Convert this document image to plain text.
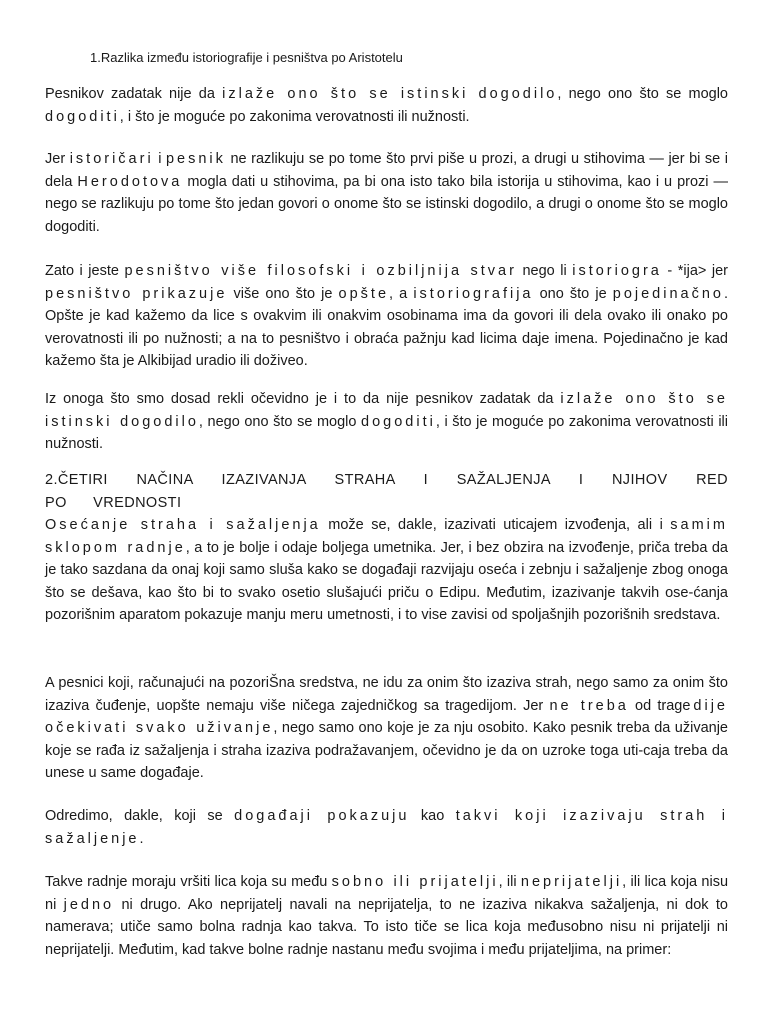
1.Razlika između istoriografije i pesništva po Aristotelu

Pesnikov zadatak nije da izlaže ono što se istinski dogodilo, nego ono što se moglo dogoditi, i što je moguće po zakonima verovatnosti ili nužnosti.

Jer istoričari i pesnik ne razlikuju se po tome što prvi piše u prozi, a drugi u stihovima — jer bi se i dela Herodotova mogla dati u stihovima, pa bi ona isto tako bila istorija u stihovima, kao i u prozi — nego se razlikuju po tome što jedan govori o onome što se istinski dogodilo, a drugi o onome što se moglo dogoditi.

Zato i jeste pesništvo više filosofski i ozbiljnija stvar nego li istoriogra - *ija> jer pesništvo prikazuje više ono što je opšte, a istoriografija ono što je pojedinačno. Opšte je kad kažemo da lice s ovakvim ili onakvim osobinama ima da govori ili dela ovako ili onako po verovatnosti ili po nužnosti; a na to pesništvo i obraća pažnju kad licima daje imena. Pojedinačno je kad kažemo šta je Alkibijad uradio ili doživeo.

Iz onoga što smo dosad rekli očevidno je i to da nije pesnikov zadatak da izlaže ono što se istinski dogodilo, nego ono što se moglo dogoditi, i što je moguće po zakonima verovatnosti ili nužnosti.

2.ČETIRI NAČINA IZAZIVANJA STRAHA I SAŽALJENJA I NJIHOV RED PO VREDNOSTI

Osećanje straha i sažaljenja može se, dakle, izazivati uticajem izvođenja, ali i samim sklopom radnje, a to je bolje i odaje boljega umetnika. Jer, i bez obzira na izvođenje, priča treba da je tako sazdana da onaj koji samo sluša kako se događaji razvijaju oseća i zebnju i sažaljenje zbog onoga što se dešava, kao što bi to svako osetio slušajući priču o Edipu. Međutim, izazivanje takvih ose-ćanja pozorišnim aparatom pokazuje manju meru umetnosti, i to vise zavisi od spoljašnjih pozorišnih sredstava.

A pesnici koji, računajući na pozoriŠna sredstva, ne idu za onim što izaziva strah, nego samo za onim što izaziva čuđenje, uopšte nemaju više ničega zajedničkog sa tragedijom. Jer ne treba od tragedije očekivati svako uživanje, nego samo ono koje je za nju osobito. Kako pesnik treba da uživanje koje se rađa iz sažaljenja i straha izaziva podražavanjem, očevidno je da on uzroke toga uti-caja treba da unese u same događaje.

Odredimo, dakle, koji se događaji pokazuju kao takvi koji izazivaju strah i sažaljenje.

Takve radnje moraju vršiti lica koja su među sobno ili prijatelji, ili neprijatelji, ili lica koja nisu ni jedno ni drugo. Ako neprijatelj navali na neprijatelja, to ne izaziva nikakva sažaljenja, ni dok to namerava; utiče samo bolna radnja kao takva. To isto tiče se lica koja međusobno nisu ni prijatelji ni neprijatelji. Međutim, kad takve bolne radnje nastanu među svojima i među prijateljima, na primer:
